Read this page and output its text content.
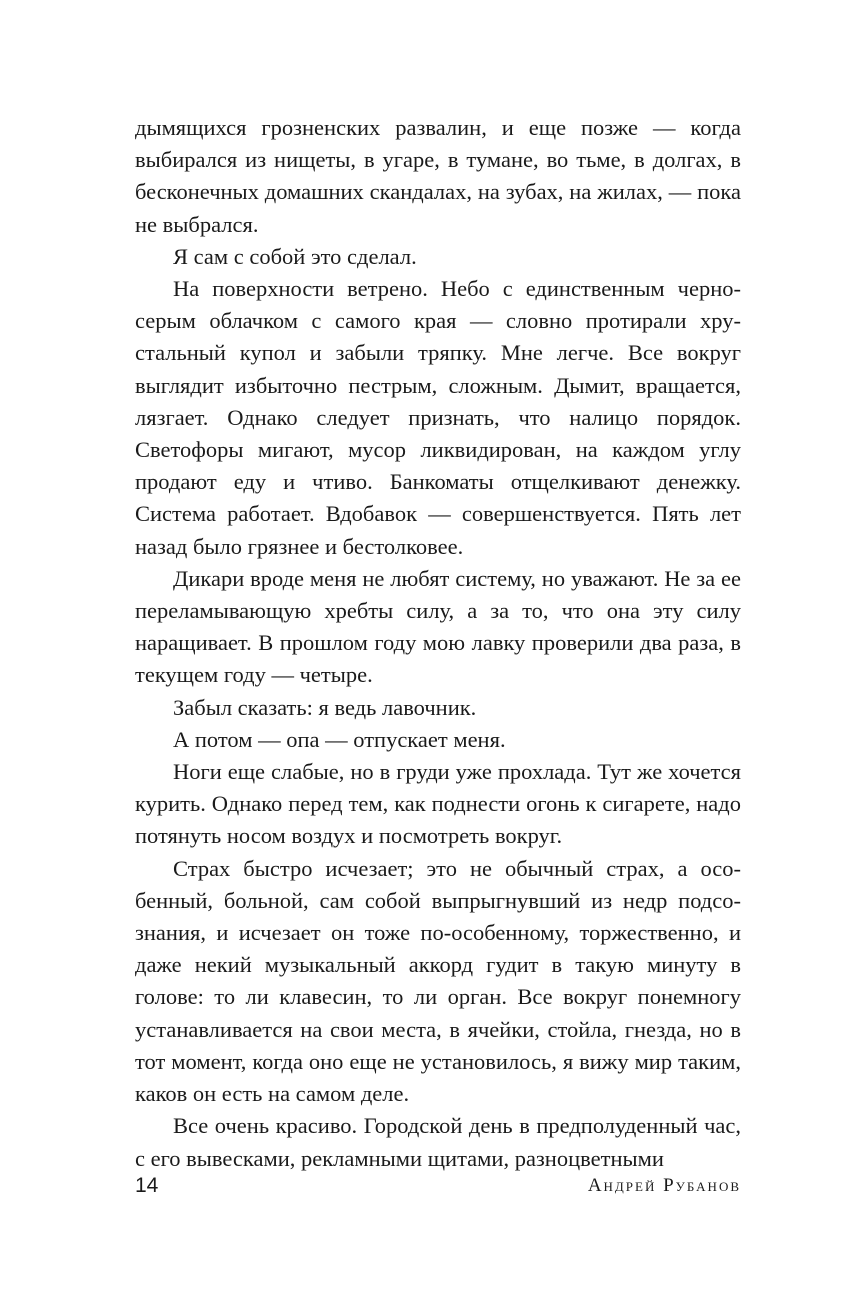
дымящихся грозненских развалин, и еще позже — когда выбирался из нищеты, в угаре, в тумане, во тьме, в долгах, в бесконечных домашних скандалах, на зубах, на жилах, — пока не выбрался.

Я сам с собой это сделал.

На поверхности ветрено. Небо с единственным черносерым облачком с самого края — словно протирали хрустальный купол и забыли тряпку. Мне легче. Все вокруг выглядит избыточно пестрым, сложным. Дымит, вращается, лязгает. Однако следует признать, что налицо порядок. Светофоры мигают, мусор ликвидирован, на каждом углу продают еду и чтиво. Банкоматы отщелкивают денежку. Система работает. Вдобавок — совершенствуется. Пять лет назад было грязнее и бестолковее.

Дикари вроде меня не любят систему, но уважают. Не за ее переламывающую хребты силу, а за то, что она эту силу наращивает. В прошлом году мою лавку проверили два раза, в текущем году — четыре.

Забыл сказать: я ведь лавочник.

А потом — опа — отпускает меня.

Ноги еще слабые, но в груди уже прохлада. Тут же хочется курить. Однако перед тем, как поднести огонь к сигарете, надо потянуть носом воздух и посмотреть вокруг.

Страх быстро исчезает; это не обычный страх, а особенный, больной, сам собой выпрыгнувший из недр подсознания, и исчезает он тоже по-особенному, торжественно, и даже некий музыкальный аккорд гудит в такую минуту в голове: то ли клавесин, то ли орган. Все вокруг понемногу устанавливается на свои места, в ячейки, стойла, гнезда, но в тот момент, когда оно еще не установилось, я вижу мир таким, каков он есть на самом деле.

Все очень красиво. Городской день в предполуденный час, с его вывесками, рекламными щитами, разноцветными

14	Андрей Рубанов
